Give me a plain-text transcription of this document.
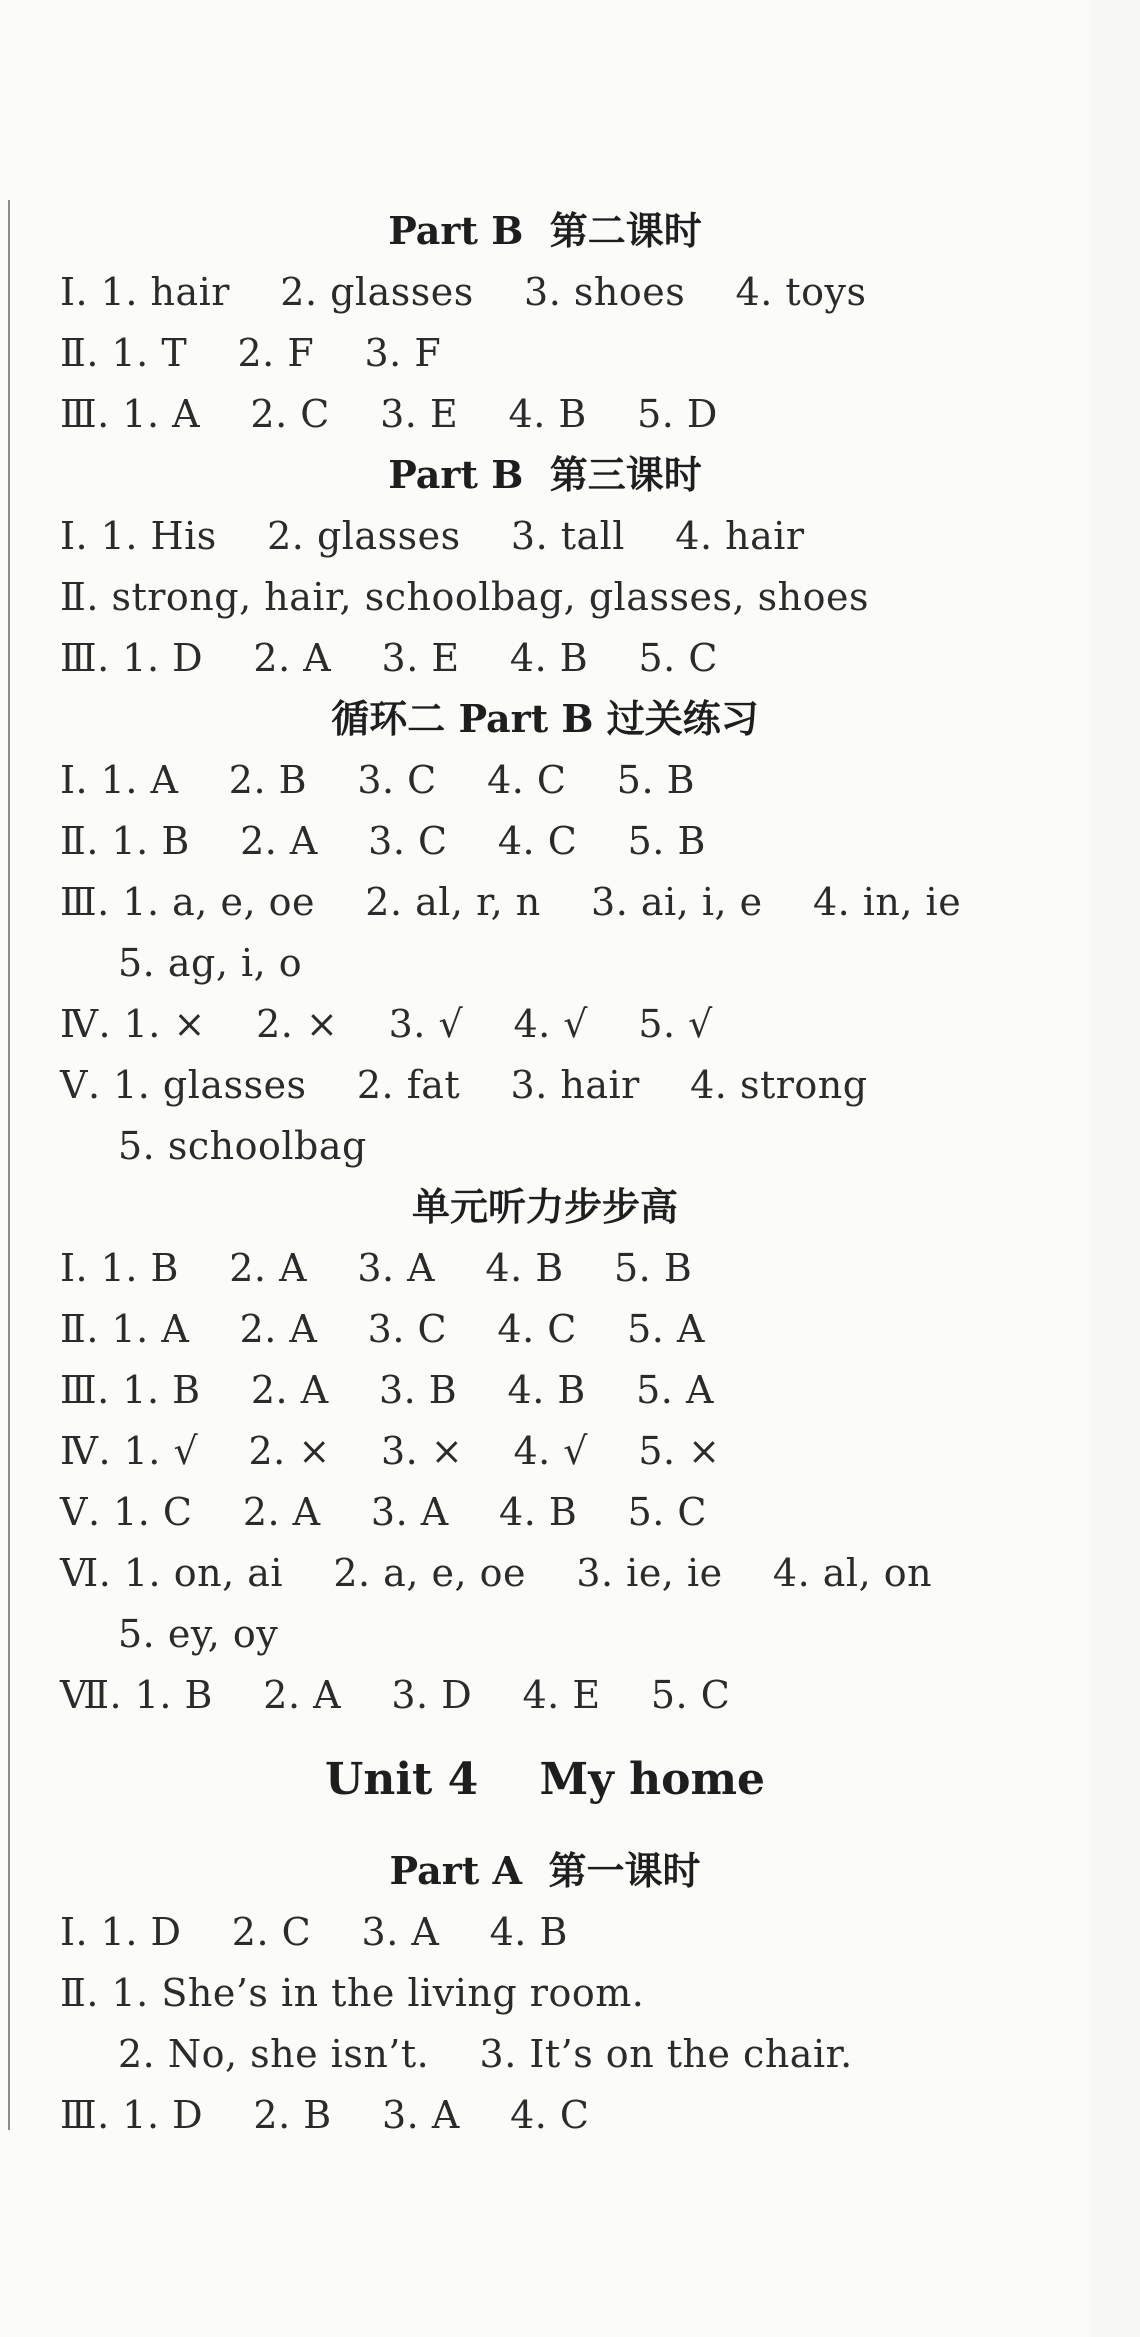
Part B  第二课时
Ⅰ. 1. hair    2. glasses    3. shoes    4. toys
Ⅱ. 1. T    2. F    3. F
Ⅲ. 1. A    2. C    3. E    4. B    5. D
Part B  第三课时
Ⅰ. 1. His    2. glasses    3. tall    4. hair
Ⅱ. strong, hair, schoolbag, glasses, shoes
Ⅲ. 1. D    2. A    3. E    4. B    5. C
循环二 Part B 过关练习
Ⅰ. 1. A    2. B    3. C    4. C    5. B
Ⅱ. 1. B    2. A    3. C    4. C    5. B
Ⅲ. 1. a, e, oe    2. al, r, n    3. ai, i, e    4. in, ie
5. ag, i, o
Ⅳ. 1. ×    2. ×    3. √    4. √    5. √
Ⅴ. 1. glasses    2. fat    3. hair    4. strong
5. schoolbag
单元听力步步高
Ⅰ. 1. B    2. A    3. A    4. B    5. B
Ⅱ. 1. A    2. A    3. C    4. C    5. A
Ⅲ. 1. B    2. A    3. B    4. B    5. A
Ⅳ. 1. √    2. ×    3. ×    4. √    5. ×
Ⅴ. 1. C    2. A    3. A    4. B    5. C
Ⅵ. 1. on, ai    2. a, e, oe    3. ie, ie    4. al, on
5. ey, oy
Ⅶ. 1. B    2. A    3. D    4. E    5. C
Unit 4    My home
Part A  第一课时
Ⅰ. 1. D    2. C    3. A    4. B
Ⅱ. 1. She’s in the living room.
2. No, she isn’t.    3. It’s on the chair.
Ⅲ. 1. D    2. B    3. A    4. C
